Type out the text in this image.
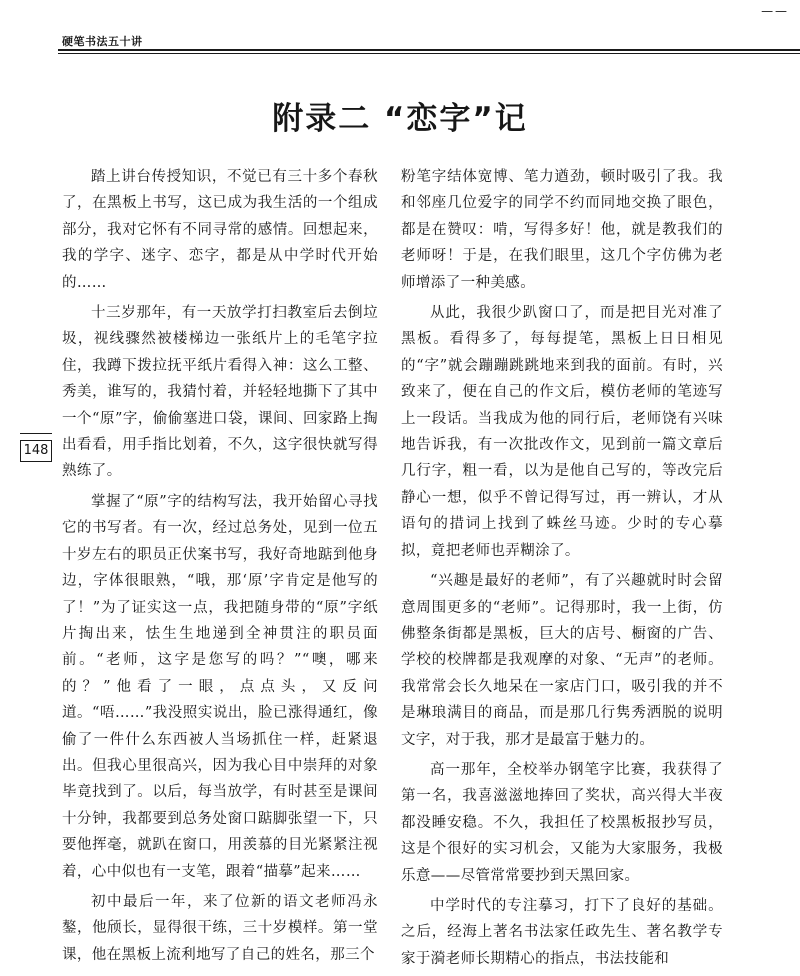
— —
硬笔书法五十讲
附录二 “恋字”记
148

踏上讲台传授知识，不觉已有三十多个春秋了，在黑板上书写，这已成为我生活的一个组成部分，我对它怀有不同寻常的感情。回想起来，我的学字、迷字、恋字，都是从中学时代开始的……

十三岁那年，有一天放学打扫教室后去倒垃圾，视线骤然被楼梯边一张纸片上的毛笔字拉住，我蹲下拨拉抚平纸片看得入神：这么工整、秀美，谁写的，我猜忖着，并轻轻地撕下了其中一个“原”字，偷偷塞进口袋，课间、回家路上掏出看看，用手指比划着，不久，这字很快就写得熟练了。

掌握了“原”字的结构写法，我开始留心寻找它的书写者。有一次，经过总务处，见到一位五十岁左右的职员正伏案书写，我好奇地踮到他身边，字体很眼熟，“哦，那‘原’字肯定是他写的了！”为了证实这一点，我把随身带的“原”字纸片掏出来，怯生生地递到全神贯注的职员面前。“老师，这字是您写的吗？”“噢，哪来的？”他看了一眼，点点头，又反问道。“唔……”我没照实说出，脸已涨得通红，像偷了一件什么东西被人当场抓住一样，赶紧退出。但我心里很高兴，因为我心目中崇拜的对象毕竟找到了。以后，每当放学，有时甚至是课间十分钟，我都要到总务处窗口踮脚张望一下，只要他挥毫，就趴在窗口，用羡慕的目光紧紧注视着，心中似也有一支笔，跟着“描摹”起来……

初中最后一年，来了位新的语文老师冯永鏊，他颀长，显得很干练，三十岁模样。第一堂课，他在黑板上流利地写了自己的姓名，那三个

粉笔字结体宽博、笔力遒劲，顿时吸引了我。我和邻座几位爱字的同学不约而同地交换了眼色，都是在赞叹：啃，写得多好！他，就是教我们的老师呀！于是，在我们眼里，这几个字仿佛为老师增添了一种美感。

从此，我很少趴窗口了，而是把目光对准了黑板。看得多了，每每提笔，黑板上日日相见的“字”就会蹦蹦跳跳地来到我的面前。有时，兴致来了，便在自己的作文后，模仿老师的笔迹写上一段话。当我成为他的同行后，老师饶有兴味地告诉我，有一次批改作文，见到前一篇文章后几行字，粗一看，以为是他自己写的，等改完后静心一想，似乎不曾记得写过，再一辨认，才从语句的措词上找到了蛛丝马迹。少时的专心摹拟，竟把老师也弄糊涂了。

“兴趣是最好的老师”，有了兴趣就时时会留意周围更多的“老师”。记得那时，我一上街，仿佛整条街都是黑板，巨大的店号、橱窗的广告、学校的校牌都是我观摩的对象、“无声”的老师。我常常会长久地呆在一家店门口，吸引我的并不是琳琅满目的商品，而是那几行隽秀洒脱的说明文字，对于我，那才是最富于魅力的。

高一那年，全校举办钢笔字比赛，我获得了第一名，我喜滋滋地捧回了奖状，高兴得大半夜都没睡安稳。不久，我担任了校黑板报抄写员，这是个很好的实习机会，又能为大家服务，我极乐意——尽管常常要抄到天黑回家。

中学时代的专注摹习，打下了良好的基础。之后，经海上著名书法家任政先生、著名教学专家于漪老师长期精心的指点，书法技能和
